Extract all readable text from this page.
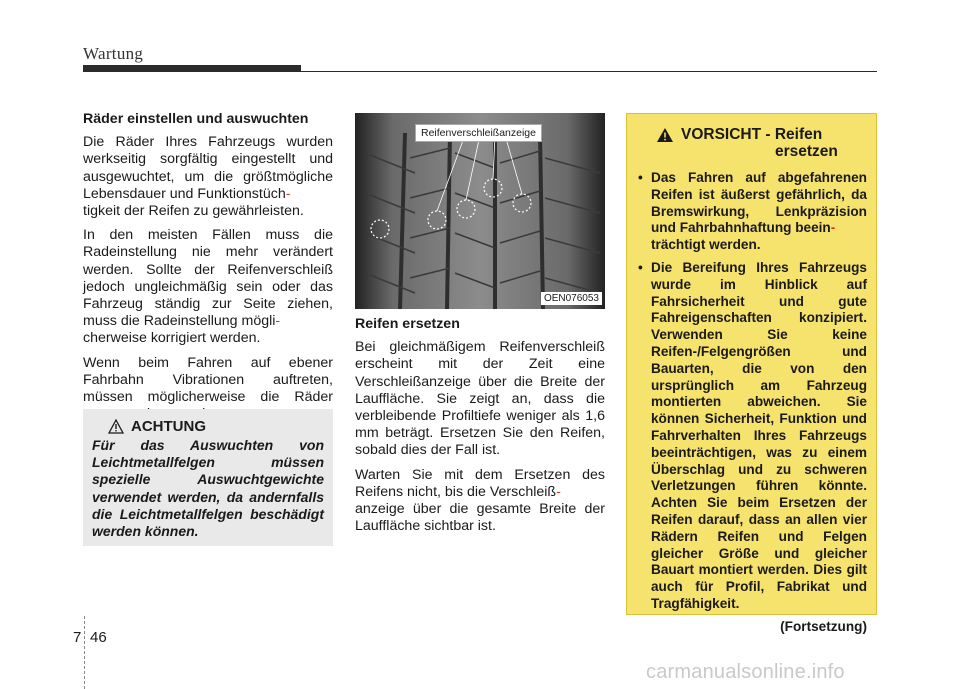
Wartung
Räder einstellen und auswuchten

Die Räder Ihres Fahrzeugs wurden werkseitig sorgfältig eingestellt und ausgewuchtet, um die größtmögliche Lebensdauer und Funktionstüch-
tigkeit der Reifen zu gewährleisten.

In den meisten Fällen muss die Radeinstellung nie mehr verändert werden. Sollte der Reifenverschleiß jedoch ungleichmäßig sein oder das Fahrzeug ständig zur Seite ziehen, muss die Radeinstellung mögli-
cherweise korrigiert werden.

Wenn beim Fahren auf ebener Fahrbahn Vibrationen auftreten, müssen möglicherweise die Räder

ACHTUNG
Für das Auswuchten von Leichtmetallfelgen müssen spezielle Auswuchtgewichte verwendet werden, da andernfalls die Leichtmetallfelgen beschädigt werden können.
Reifenverschleißanzeige
OEN076053
Reifen ersetzen

Bei gleichmäßigem Reifenverschleiß erscheint mit der Zeit eine Verschleißanzeige über die Breite der Lauffläche. Sie zeigt an, dass die verbleibende Profiltiefe weniger als 1,6 mm beträgt. Ersetzen Sie den Reifen, sobald dies der Fall ist.

Warten Sie mit dem Ersetzen des Reifens nicht, bis die Verschleiß-
anzeige über die gesamte Breite der Lauffläche sichtbar ist.

VORSICHT - Reifen
ersetzen
• Das Fahren auf abgefahrenen Reifen ist äußerst gefährlich, da Bremswirkung, Lenkpräzision und Fahrbahnhaftung beein-
trächtigt werden.
• Die Bereifung Ihres Fahrzeugs wurde im Hinblick auf Fahrsicherheit und gute Fahreigenschaften konzipiert. Verwenden Sie keine Reifen-/Felgengrößen und Bauarten, die von den ursprünglich am Fahrzeug montierten abweichen. Sie können Sicherheit, Funktion und Fahrverhalten Ihres Fahrzeugs beeinträchtigen, was zu einem Überschlag und zu schweren Verletzungen führen könnte. Achten Sie beim Ersetzen der Reifen darauf, dass an allen vier Rädern Reifen und Felgen gleicher Größe und gleicher Bauart montiert werden. Dies gilt auch für Profil, Fabrikat und Tragfähigkeit.
(Fortsetzung)
7 46
carmanualsonline.info
